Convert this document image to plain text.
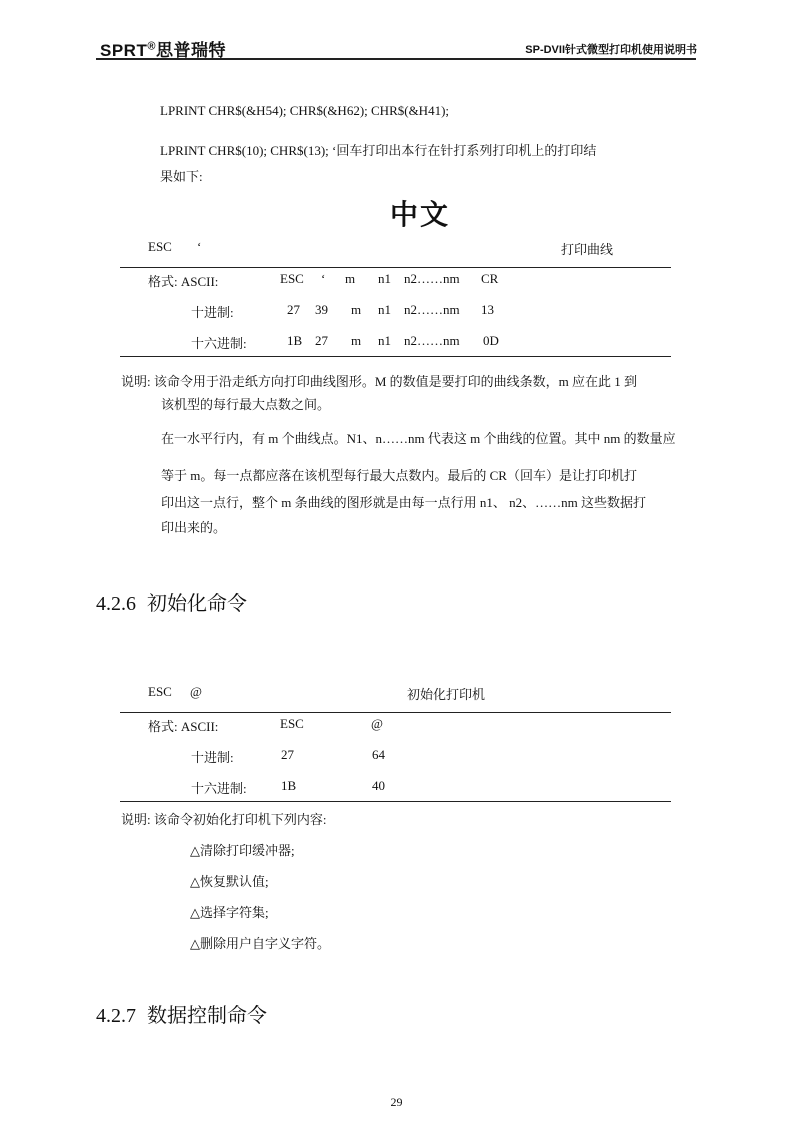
SPRT®思普瑞特	SP-DVII针式微型打印机使用说明书
LPRINT CHR$(&H54); CHR$(&H62); CHR$(&H41);
LPRINT CHR$(10); CHR$(13); ‘回车打印出本行在针打系列打印机上的打印结
果如下:
中文
ESC ‘	打印曲线
格式: ASCII:	ESC ‘ m n1 n2……nm CR
十进制:	27 39 m n1 n2……nm 13
十六进制:	1B 27 m n1 n2……nm 0D
说明: 该命令用于沿走纸方向打印曲线图形。M 的数值是要打印的曲线条数，m 应在此 1 到
该机型的每行最大点数之间。
在一水平行内，有 m 个曲线点。N1、n……nm 代表这 m 个曲线的位置。其中 nm 的数量应
等于 m。每一点都应落在该机型每行最大点数内。最后的 CR（回车）是让打印机打
印出这一点行，整个 m 条曲线的图形就是由每一点行用 n1、 n2、……nm 这些数据打
印出来的。
4.2.6 初始化命令
ESC @	初始化打印机
格式: ASCII:	ESC	@
十进制:	27	64
十六进制:	1B	40
说明: 该命令初始化打印机下列内容:
△清除打印缓冲器;
△恢复默认值;
△选择字符集;
△删除用户自字义字符。
4.2.7 数据控制命令
29
